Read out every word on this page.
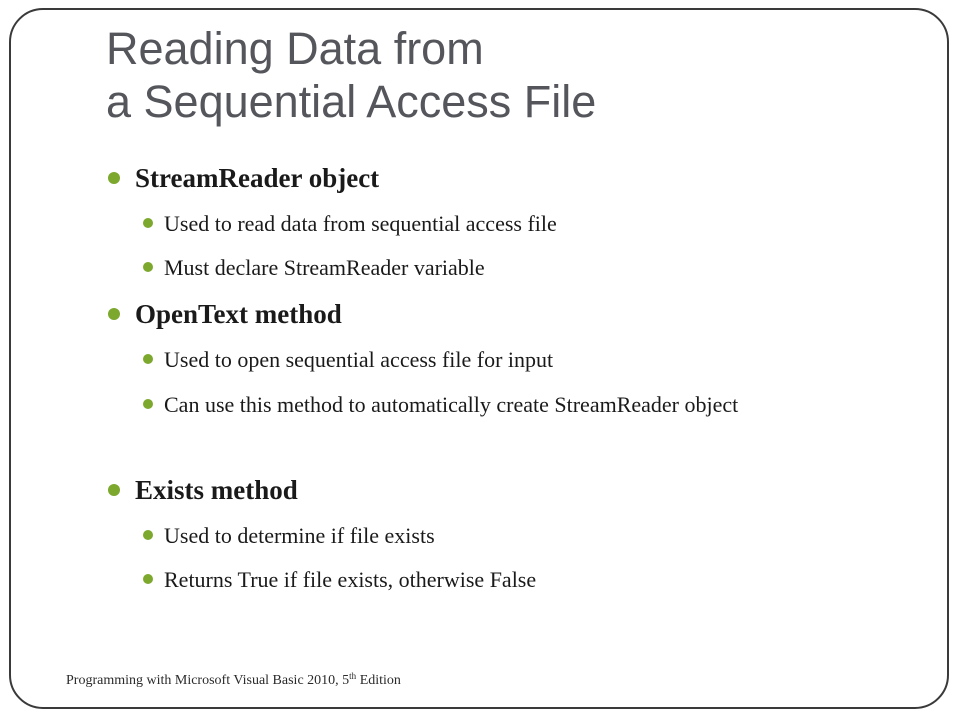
Reading Data from
a Sequential Access File
StreamReader object
Used to read data from sequential access file
Must declare StreamReader variable
OpenText method
Used to open sequential access file for input
Can use this method to automatically create StreamReader object
Exists method
Used to determine if file exists
Returns True if file exists, otherwise False
Programming with Microsoft Visual Basic 2010, 5th Edition
